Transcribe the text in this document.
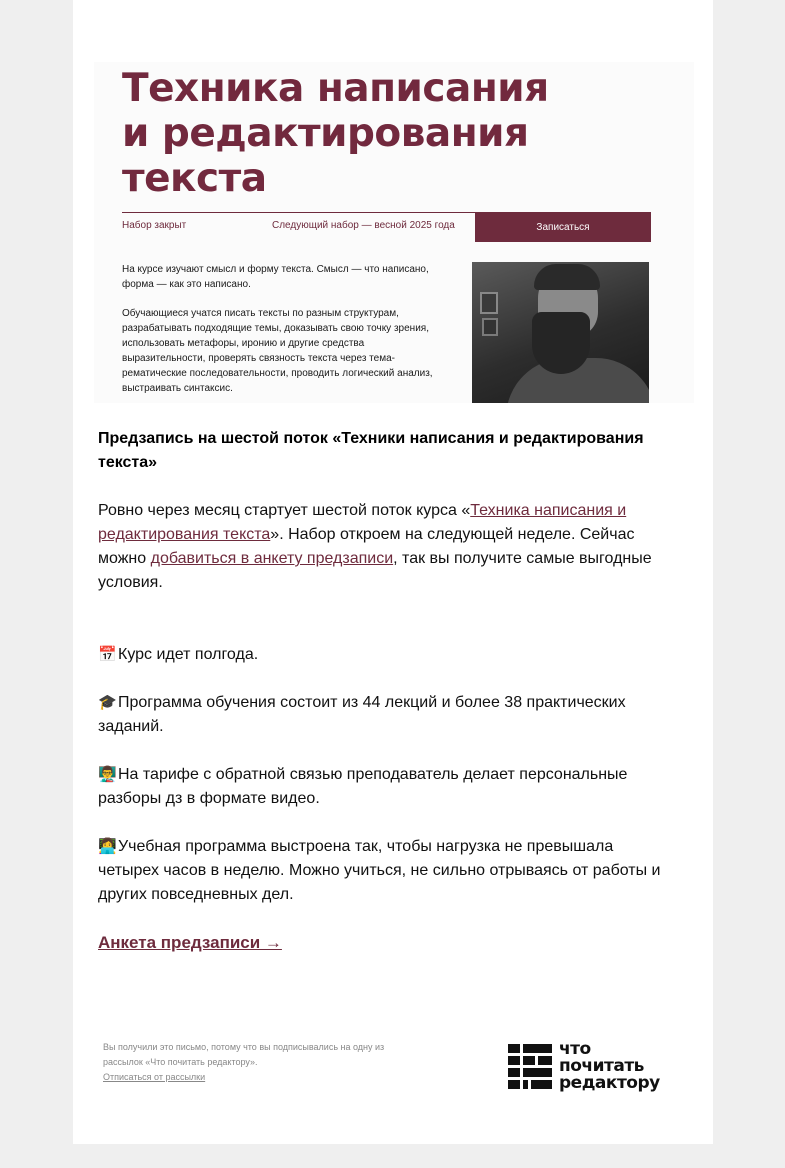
Техника написания
и редактирования
текста
Набор закрыт	Следующий набор — весной 2025 года	Записаться

На курсе изучают смысл и форму текста. Смысл — что написано, форма — как это написано.

Обучающиеся учатся писать тексты по разным структурам, разрабатывать подходящие темы, доказывать свою точку зрения, использовать метафоры, иронию и другие средства выразительности, проверять связность текста через тема-рематические последовательности, проводить логический анализ, выстраивать синтаксис.

Предзапись на шестой поток «Техники написания и редактирования текста»
Ровно через месяц стартует шестой поток курса «Техника написания и редактирования текста». Набор откроем на следующей неделе. Сейчас можно добавиться в анкету предзаписи, так вы получите самые выгодные условия.
📅Курс идет полгода.
🎓Программа обучения состоит из 44 лекций и более 38 практических заданий.
👨‍🏫На тарифе с обратной связью преподаватель делает персональные разборы дз в формате видео.
👩‍💻Учебная программа выстроена так, чтобы нагрузка не превышала четырех часов в неделю. Можно учиться, не сильно отрываясь от работы и других повседневных дел.
Анкета предзаписи →
Вы получили это письмо, потому что вы подписывались на одну из рассылок «Что почитать редактору».
Отписаться от рассылки
что
почитать
редактору
